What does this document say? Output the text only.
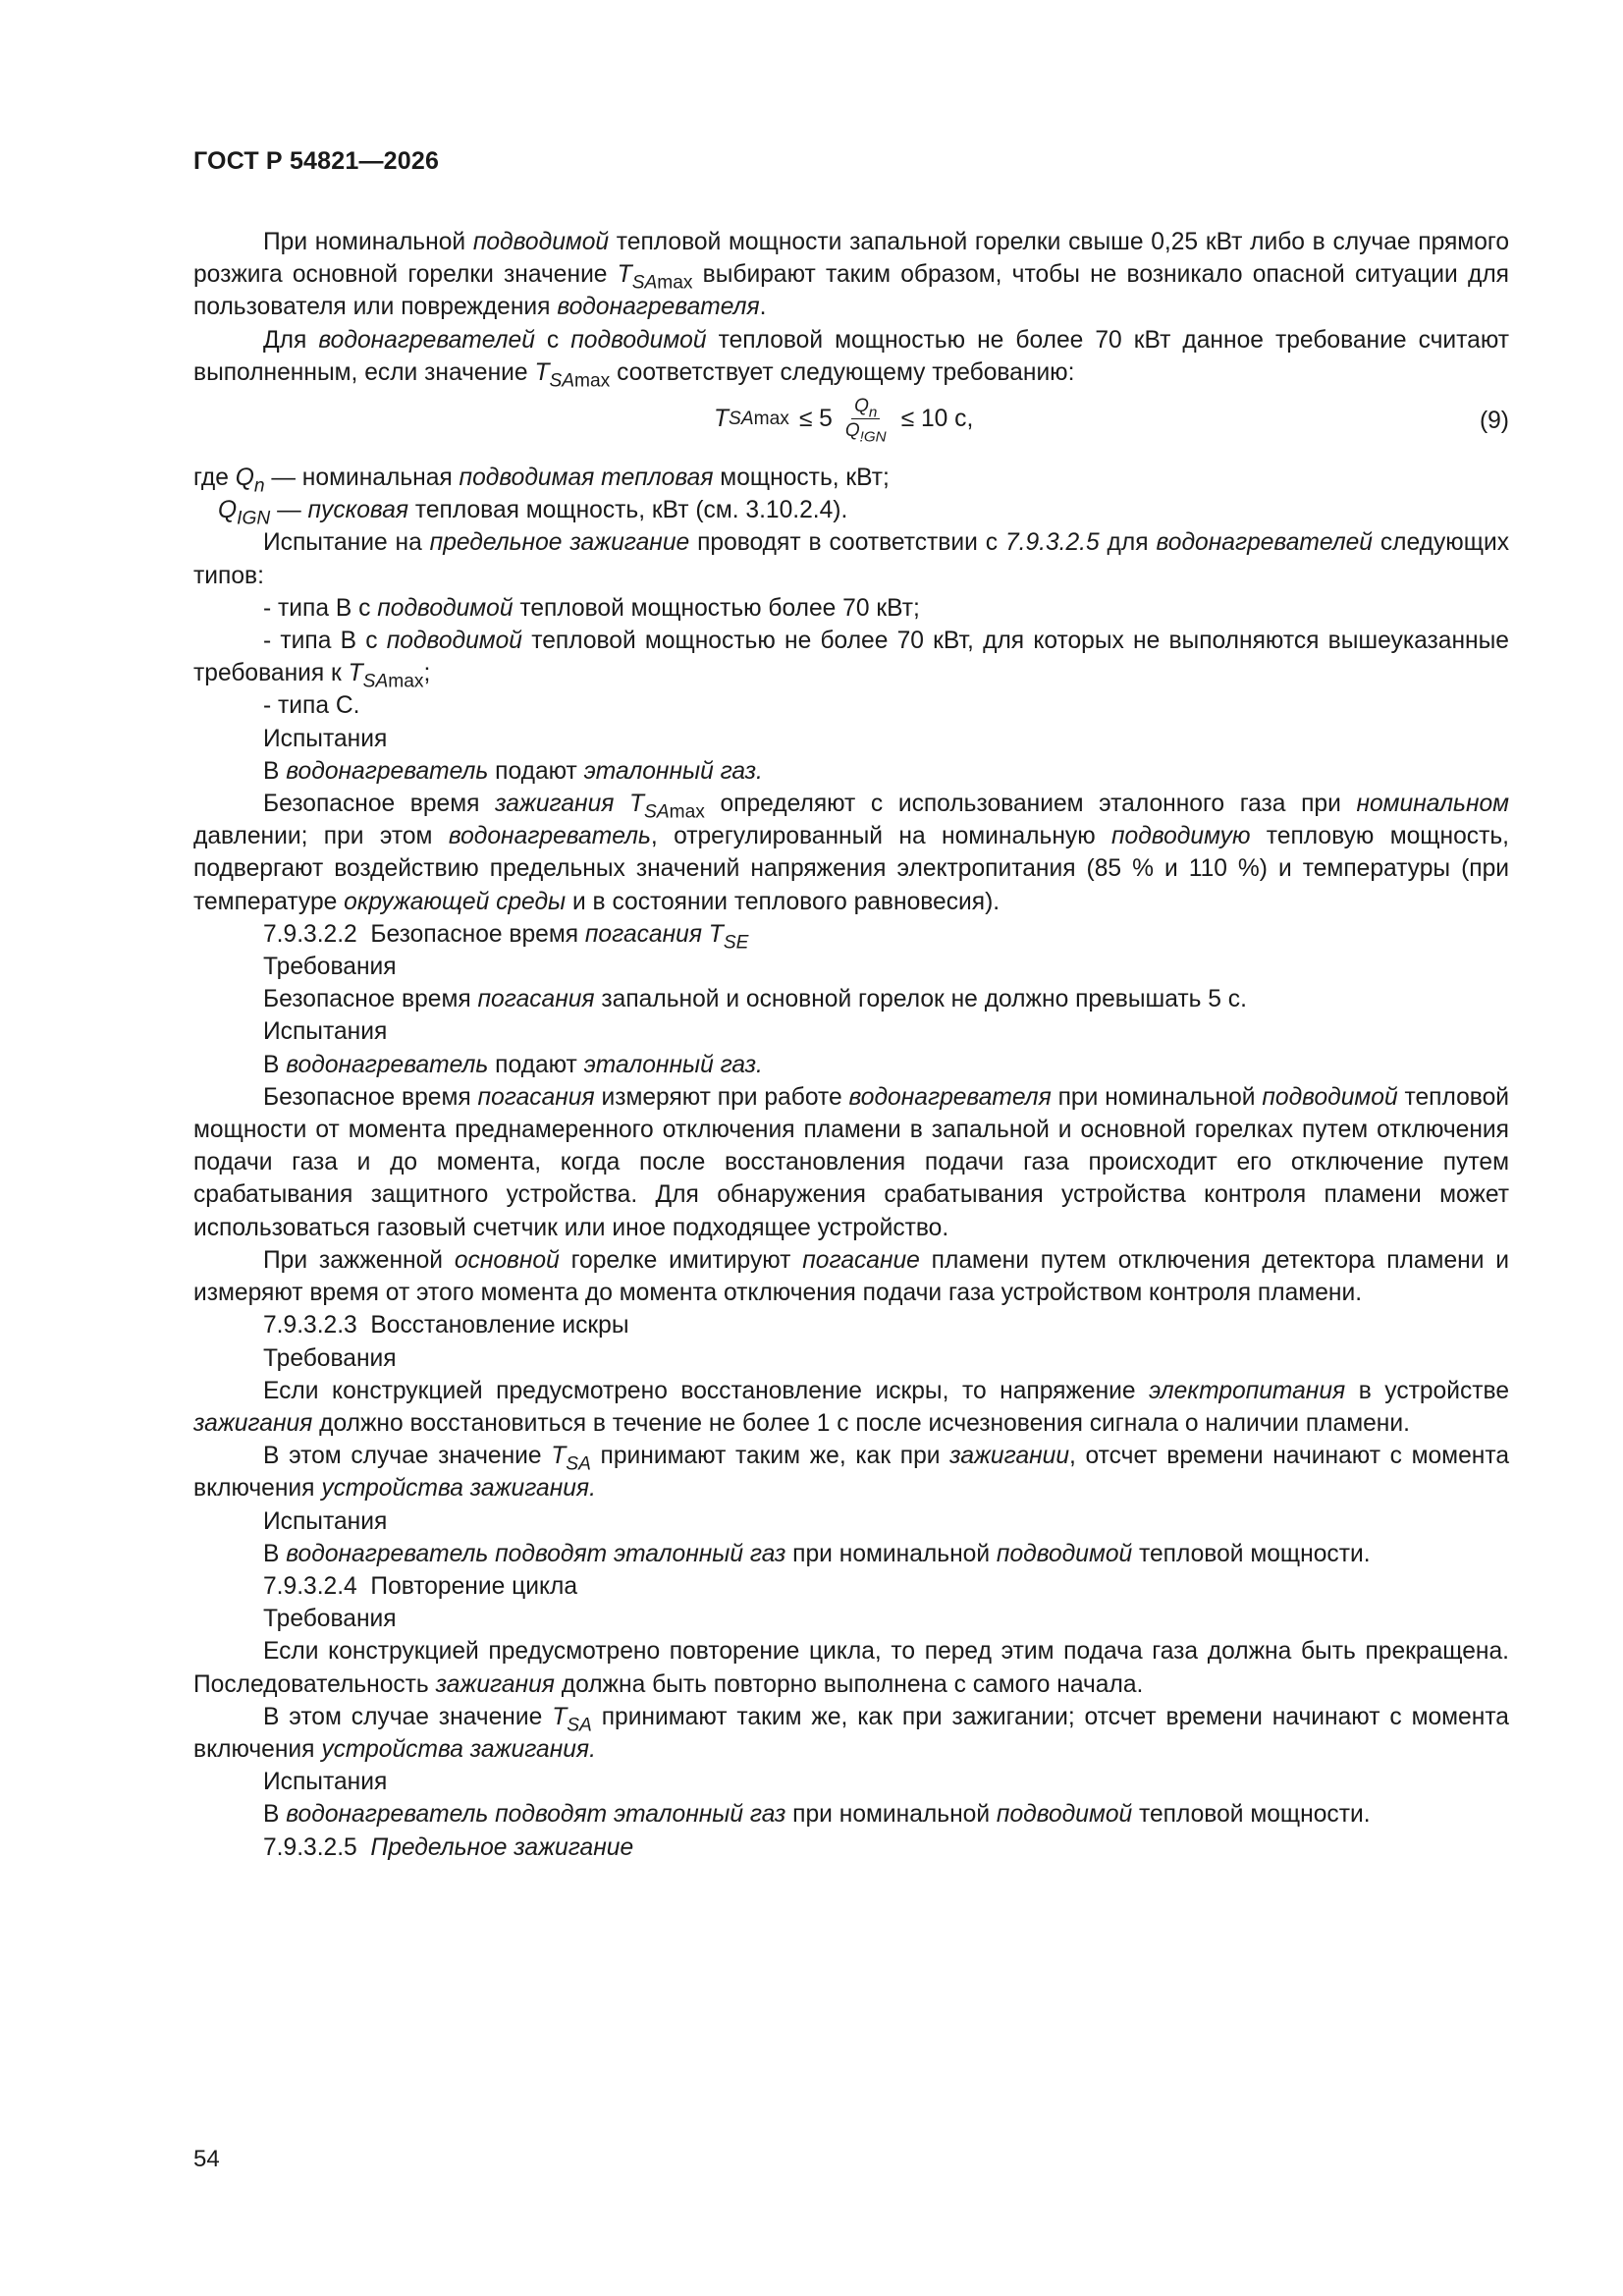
ГОСТ Р 54821—2026

При номинальной подводимой тепловой мощности запальной горелки свыше 0,25 кВт либо в случае прямого розжига основной горелки значение $T_{SAmax}$ выбирают таким образом, чтобы не возникало опасной ситуации для пользователя или повреждения водонагревателя.

Для водонагревателей с подводимой тепловой мощностью не более 70 кВт данное требование считают выполненным, если значение $T_{SAmax}$ соответствует следующему требованию:

T $SAmax \le 5 \frac{Q_n}{Q_{!GN}} \le 10$ с,	(9)

где $Q_n$ — номинальная подводимая тепловая мощность, кВт;

$Q_{IGN}$ — пусковая тепловая мощность, кВт (см. 3.10.2.4).

Испытание на предельное зажигание проводят в соответствии с 7.9.3.2.5 для водонагревателей следующих типов:

- типа В с подводимой тепловой мощностью более 70 кВт;

- типа В с подводимой тепловой мощностью не более 70 кВт, для которых не выполняются вышеуказанные требования к $T_{SAmax}$;

- типа С.

Испытания

В водонагреватель подают эталонный газ.

Безопасное время зажигания $T_{SAmax}$ определяют с использованием эталонного газа при номинальном давлении; при этом водонагреватель, отрегулированный на номинальную подводимую тепловую мощность, подвергают воздействию предельных значений напряжения электропитания (85 % и 110 %) и температуры (при температуре окружающей среды и в состоянии теплового равновесия).

7.9.3.2.2  Безопасное время погасания $T_{SE}$

Требования

Безопасное время погасания запальной и основной горелок не должно превышать 5 с.

Испытания

В водонагреватель подают эталонный газ.

Безопасное время погасания измеряют при работе водонагревателя при номинальной подводимой тепловой мощности от момента преднамеренного отключения пламени в запальной и основной горелках путем отключения подачи газа и до момента, когда после восстановления подачи газа происходит его отключение путем срабатывания защитного устройства. Для обнаружения срабатывания устройства контроля пламени может использоваться газовый счетчик или иное подходящее устройство.

При зажженной основной горелке имитируют погасание пламени путем отключения детектора пламени и измеряют время от этого момента до момента отключения подачи газа устройством контроля пламени.

7.9.3.2.3  Восстановление искры

Требования

Если конструкцией предусмотрено восстановление искры, то напряжение электропитания в устройстве зажигания должно восстановиться в течение не более 1 с после исчезновения сигнала о наличии пламени.

В этом случае значение $T_{SA}$ принимают таким же, как при зажигании, отсчет времени начинают с момента включения устройства зажигания.

Испытания

В водонагреватель подводят эталонный газ при номинальной подводимой тепловой мощности.

7.9.3.2.4  Повторение цикла

Требования

Если конструкцией предусмотрено повторение цикла, то перед этим подача газа должна быть прекращена. Последовательность зажигания должна быть повторно выполнена с самого начала.

В этом случае значение $T_{SA}$ принимают таким же, как при зажигании; отсчет времени начинают с момента включения устройства зажигания.

Испытания

В водонагреватель подводят эталонный газ при номинальной подводимой тепловой мощности.

7.9.3.2.5  Предельное зажигание

54
